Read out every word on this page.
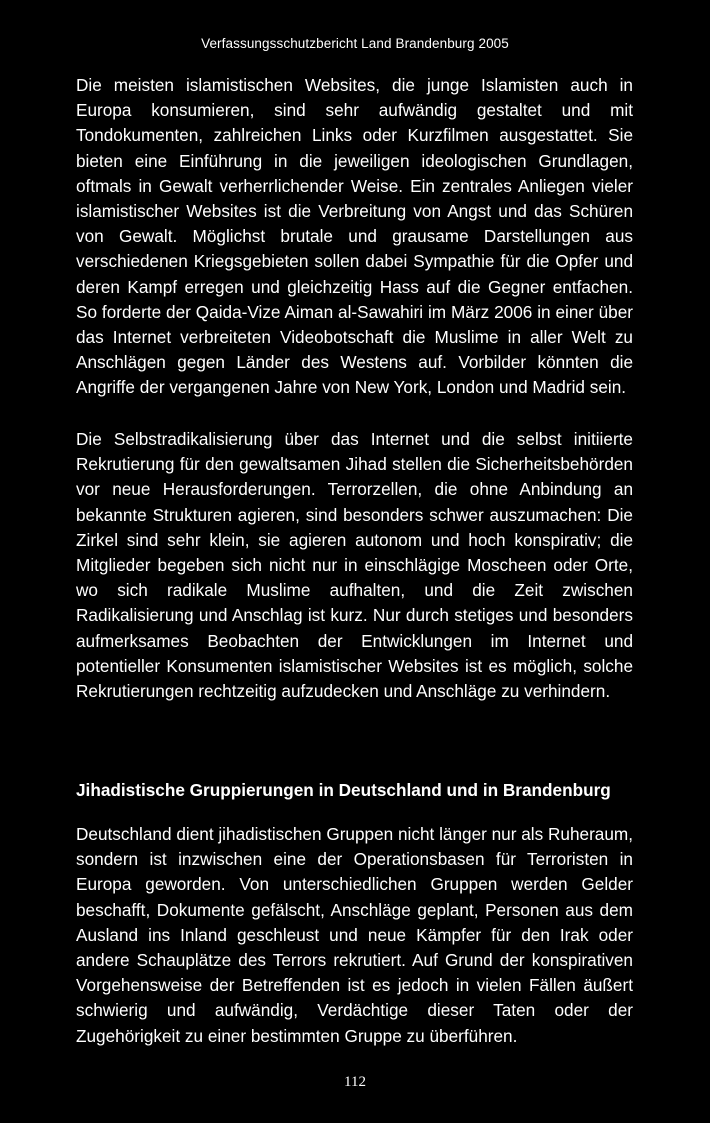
Verfassungsschutzbericht Land Brandenburg 2005

Die meisten islamistischen Websites, die junge Islamisten auch in Europa konsumieren, sind sehr aufwändig gestaltet und mit Tondokumenten, zahlreichen Links oder Kurzfilmen ausgestattet. Sie bieten eine Einführung in die jeweiligen ideologischen Grundlagen, oftmals in Gewalt verherrlichender Weise. Ein zentrales Anliegen vieler islamistischer Websites ist die Verbreitung von Angst und das Schüren von Gewalt. Möglichst brutale und grausame Darstellungen aus verschiedenen Kriegsgebieten sollen dabei Sympathie für die Opfer und deren Kampf erregen und gleichzeitig Hass auf die Gegner entfachen. So forderte der Qaida-Vize Aiman al-Sawahiri im März 2006 in einer über das Internet verbreiteten Videobotschaft die Muslime in aller Welt zu Anschlägen gegen Länder des Westens auf. Vorbilder könnten die Angriffe der vergangenen Jahre von New York, London und Madrid sein.

Die Selbstradikalisierung über das Internet und die selbst initiierte Rekrutierung für den gewaltsamen Jihad stellen die Sicherheitsbehörden vor neue Herausforderungen. Terrorzellen, die ohne Anbindung an bekannte Strukturen agieren, sind besonders schwer auszumachen: Die Zirkel sind sehr klein, sie agieren autonom und hoch konspirativ; die Mitglieder begeben sich nicht nur in einschlägige Moscheen oder Orte, wo sich radikale Muslime aufhalten, und die Zeit zwischen Radikalisierung und Anschlag ist kurz. Nur durch stetiges und besonders aufmerksames Beobachten der Entwicklungen im Internet und potentieller Konsumenten islamistischer Websites ist es möglich, solche Rekrutierungen rechtzeitig aufzudecken und Anschläge zu verhindern.

Jihadistische Gruppierungen in Deutschland und in Brandenburg

Deutschland dient jihadistischen Gruppen nicht länger nur als Ruheraum, sondern ist inzwischen eine der Operationsbasen für Terroristen in Europa geworden. Von unterschiedlichen Gruppen werden Gelder beschafft, Dokumente gefälscht, Anschläge geplant, Personen aus dem Ausland ins Inland geschleust und neue Kämpfer für den Irak oder andere Schauplätze des Terrors rekrutiert. Auf Grund der konspirativen Vorgehensweise der Betreffenden ist es jedoch in vielen Fällen äußert schwierig und aufwändig, Verdächtige dieser Taten oder der Zugehörigkeit zu einer bestimmten Gruppe zu überführen.

112
